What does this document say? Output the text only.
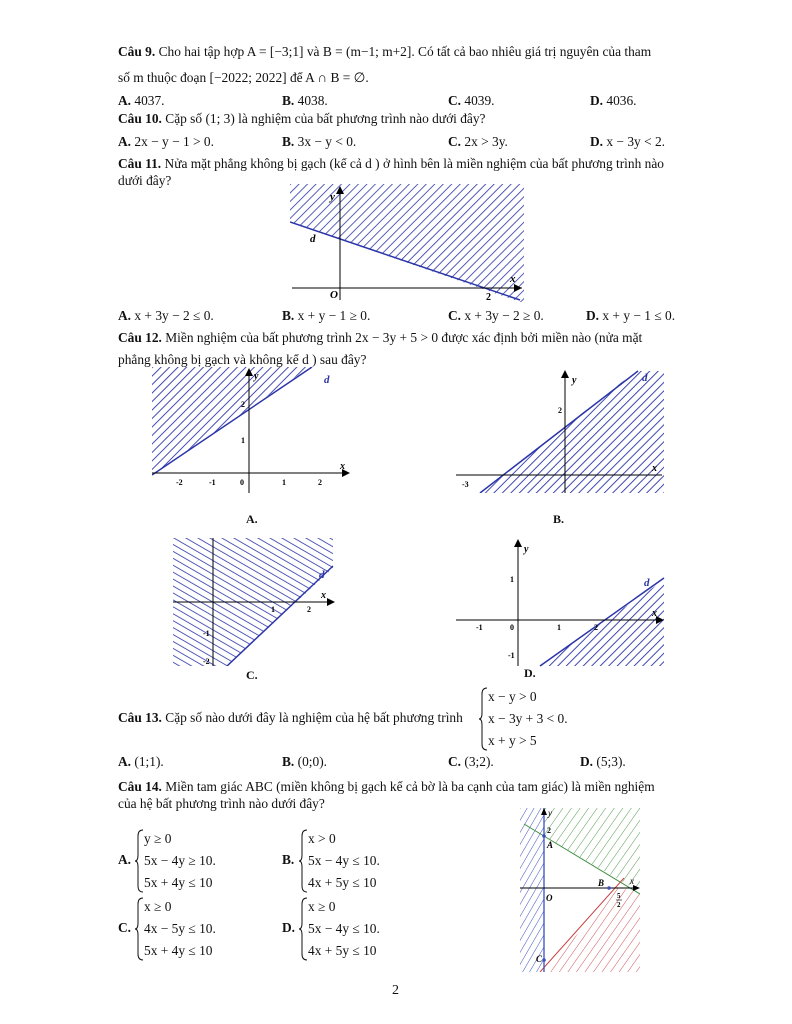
Câu 9. Cho hai tập hợp A = [−3;1] và B = (m−1; m+2]. Có tất cả bao nhiêu giá trị nguyên của tham
số m thuộc đoạn [−2022; 2022] để A ∩ B = ∅.
A. 4037.	B. 4038.	C. 4039.	D. 4036.
Câu 10. Cặp số (1; 3) là nghiệm của bất phương trình nào dưới đây?
A. 2x − y − 1 > 0.	B. 3x − y < 0.	C. 2x > 3y.	D. x − 3y < 2.
Câu 11. Nửa mặt phẳng không bị gạch (kể cả d ) ở hình bên là miền nghiệm của bất phương trình nào
dưới đây?
y
x
O
d
2
A. x + 3y − 2 ≤ 0.	B. x + y − 1 ≥ 0.	C. x + 3y − 2 ≥ 0.	D. x + y − 1 ≤ 0.
Câu 12. Miền nghiệm của bất phương trình 2x − 3y + 5 > 0 được xác định bởi miền nào (nửa mặt
phẳng không bị gạch và không kể d ) sau đây?
y
x
d
-2	-1	0	1	2
1
2
A.
y
x
d
2
-3
B.
x
d
1	2
-1
-2
C.
y
x
d
1
-1	0	1	2
-1
D.
Câu 13. Cặp số nào dưới đây là nghiệm của hệ bất phương trình
x − y > 0
x − 3y + 3 < 0.
x + y > 5
A. (1;1).	B. (0;0).	C. (3;2).	D. (5;3).
Câu 14. Miền tam giác ABC (miền không bị gạch kể cả bờ là ba cạnh của tam giác) là miền nghiệm
của hệ bất phương trình nào dưới đây?
A.
y ≥ 0
5x − 4y ≥ 10.
5x + 4y ≤ 10
B.
x > 0
5x − 4y ≤ 10.
4x + 5y ≤ 10
C.
x ≥ 0
4x − 5y ≤ 10.
5x + 4y ≤ 10
D.
x ≥ 0
5x − 4y ≤ 10.
4x + 5y ≤ 10
y
x
O
A
2
B
5
2
C
2
